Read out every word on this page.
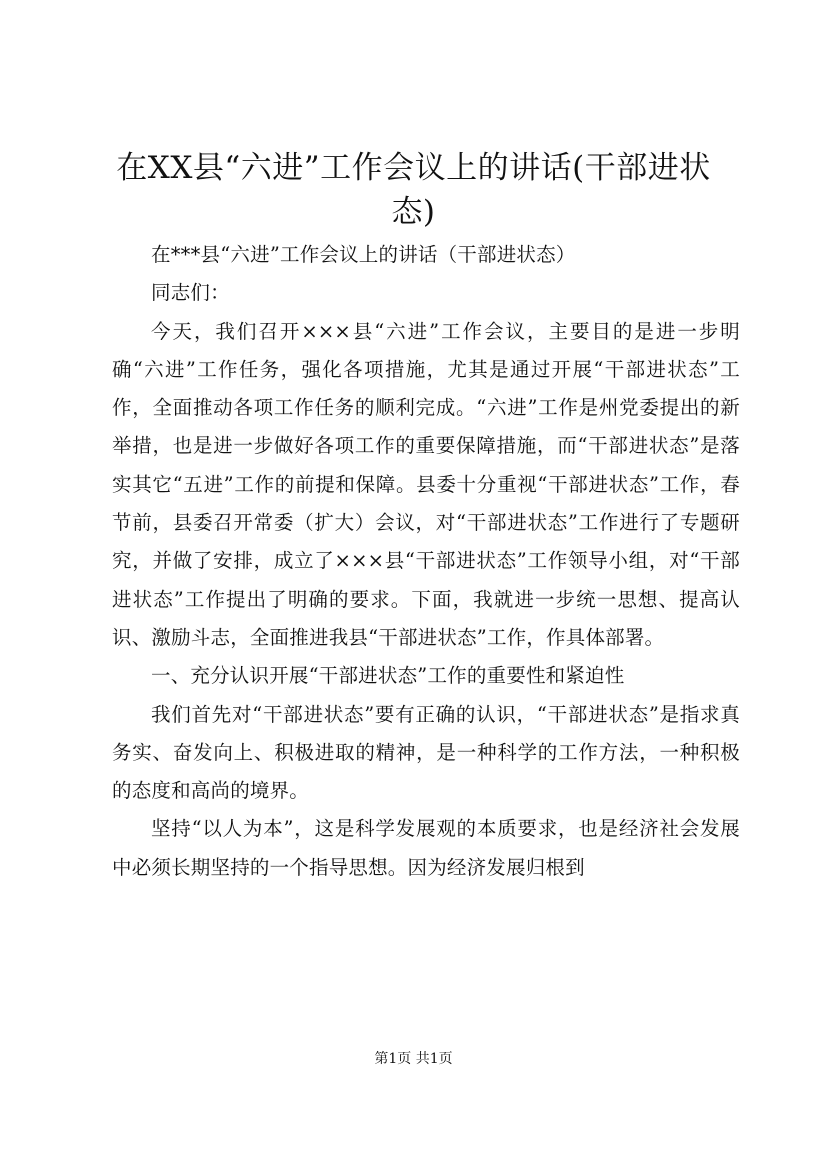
在XX县“六进”工作会议上的讲话(干部进状态)

在***县“六进”工作会议上的讲话（干部进状态）

同志们：

今天，我们召开×××县“六进”工作会议，主要目的是进一步明确“六进”工作任务，强化各项措施，尤其是通过开展“干部进状态”工作，全面推动各项工作任务的顺利完成。“六进”工作是州党委提出的新举措，也是进一步做好各项工作的重要保障措施，而“干部进状态”是落实其它“五进”工作的前提和保障。县委十分重视“干部进状态”工作，春节前，县委召开常委（扩大）会议，对“干部进状态”工作进行了专题研究，并做了安排，成立了×××县“干部进状态”工作领导小组，对“干部进状态”工作提出了明确的要求。下面，我就进一步统一思想、提高认识、激励斗志，全面推进我县“干部进状态”工作，作具体部署。

一、充分认识开展“干部进状态”工作的重要性和紧迫性

我们首先对“干部进状态”要有正确的认识，“干部进状态”是指求真务实、奋发向上、积极进取的精神，是一种科学的工作方法，一种积极的态度和高尚的境界。

坚持“以人为本”，这是科学发展观的本质要求，也是经济社会发展中必须长期坚持的一个指导思想。因为经济发展归根到

第1页 共1页
